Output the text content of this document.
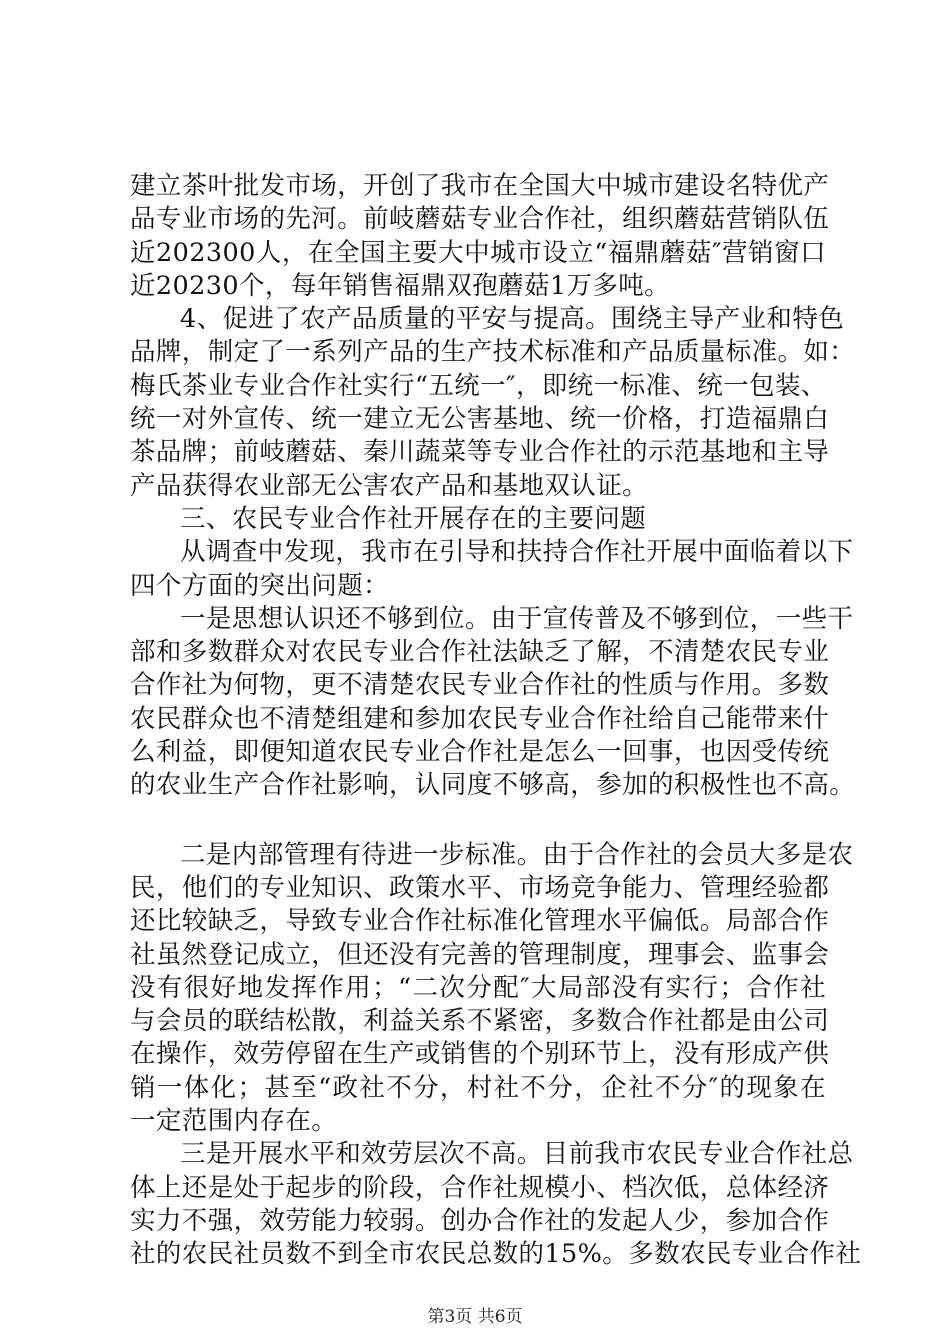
建立茶叶批发市场，开创了我市在全国大中城市建设名特优产
品专业市场的先河。前岐蘑菇专业合作社，组织蘑菇营销队伍
近202300人，在全国主要大中城市设立“福鼎蘑菇″营销窗口
近20230个，每年销售福鼎双孢蘑菇1万多吨。
4、促进了农产品质量的平安与提高。围绕主导产业和特色
品牌，制定了一系列产品的生产技术标准和产品质量标准。如：
梅氏茶业专业合作社实行“五统一″，即统一标准、统一包装、
统一对外宣传、统一建立无公害基地、统一价格，打造福鼎白
茶品牌；前岐蘑菇、秦川蔬菜等专业合作社的示范基地和主导
产品获得农业部无公害农产品和基地双认证。
三、农民专业合作社开展存在的主要问题
从调查中发现，我市在引导和扶持合作社开展中面临着以下
四个方面的突出问题：
一是思想认识还不够到位。由于宣传普及不够到位，一些干
部和多数群众对农民专业合作社法缺乏了解，不清楚农民专业
合作社为何物，更不清楚农民专业合作社的性质与作用。多数
农民群众也不清楚组建和参加农民专业合作社给自己能带来什
么利益，即便知道农民专业合作社是怎么一回事，也因受传统
的农业生产合作社影响，认同度不够高，参加的积极性也不高。
二是内部管理有待进一步标准。由于合作社的会员大多是农
民，他们的专业知识、政策水平、市场竞争能力、管理经验都
还比较缺乏，导致专业合作社标准化管理水平偏低。局部合作
社虽然登记成立，但还没有完善的管理制度，理事会、监事会
没有很好地发挥作用；“二次分配″大局部没有实行；合作社
与会员的联结松散，利益关系不紧密，多数合作社都是由公司
在操作，效劳停留在生产或销售的个别环节上，没有形成产供
销一体化；甚至“政社不分，村社不分，企社不分″的现象在
一定范围内存在。
三是开展水平和效劳层次不高。目前我市农民专业合作社总
体上还是处于起步的阶段，合作社规模小、档次低，总体经济
实力不强，效劳能力较弱。创办合作社的发起人少，参加合作
社的农民社员数不到全市农民总数的15%。多数农民专业合作社
第3页 共6页
